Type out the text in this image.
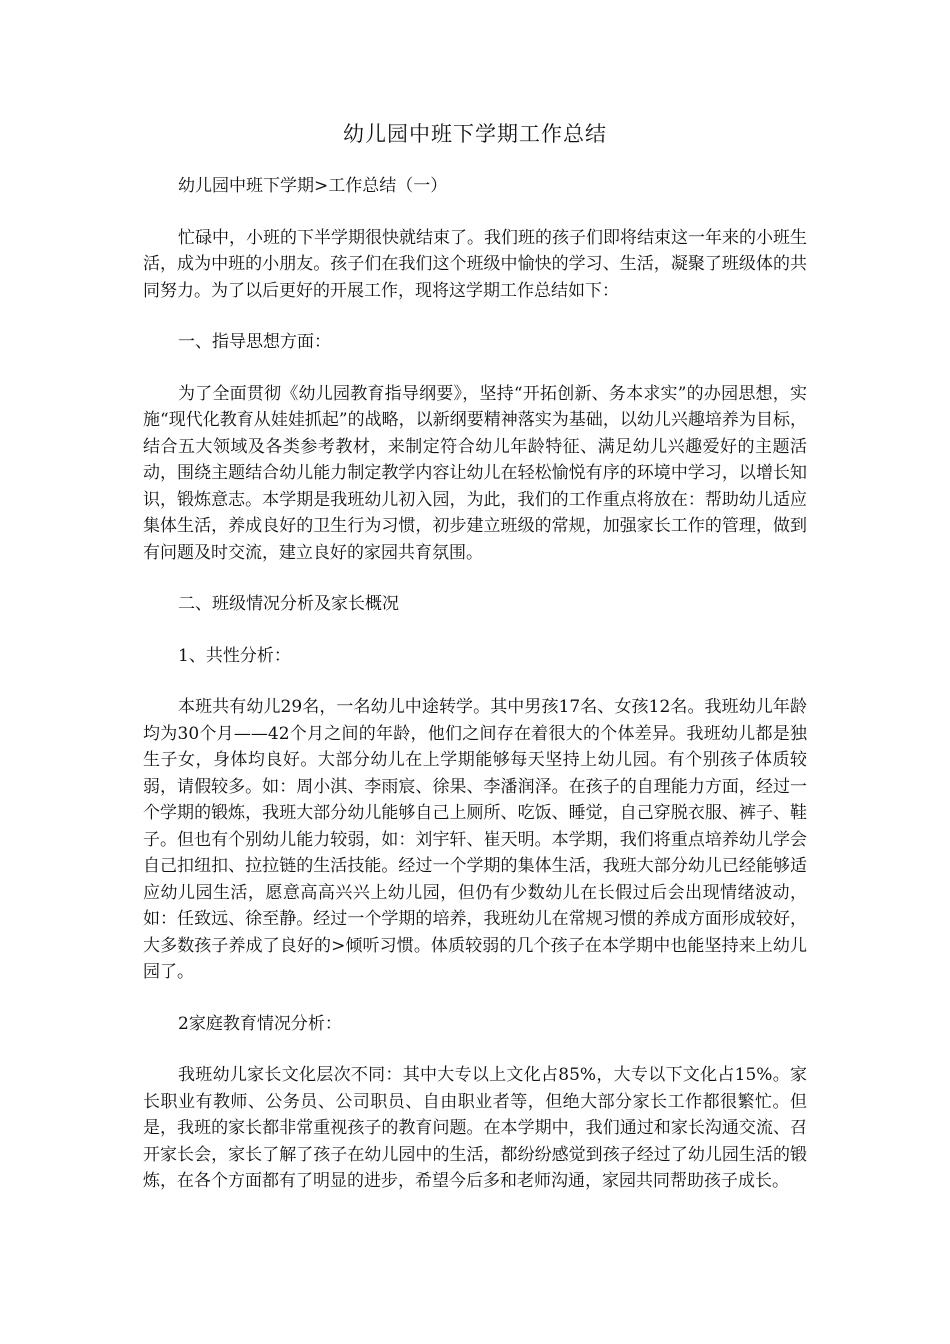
幼儿园中班下学期工作总结

幼儿园中班下学期>工作总结（一）

忙碌中，小班的下半学期很快就结束了。我们班的孩子们即将结束这一年来的小班生活，成为中班的小朋友。孩子们在我们这个班级中愉快的学习、生活，凝聚了班级体的共同努力。为了以后更好的开展工作，现将这学期工作总结如下：

一、指导思想方面：

为了全面贯彻《幼儿园教育指导纲要》，坚持“开拓创新、务本求实”的办园思想，实施“现代化教育从娃娃抓起”的战略，以新纲要精神落实为基础，以幼儿兴趣培养为目标，结合五大领域及各类参考教材，来制定符合幼儿年龄特征、满足幼儿兴趣爱好的主题活动，围绕主题结合幼儿能力制定教学内容让幼儿在轻松愉悦有序的环境中学习，以增长知识，锻炼意志。本学期是我班幼儿初入园，为此，我们的工作重点将放在：帮助幼儿适应集体生活，养成良好的卫生行为习惯，初步建立班级的常规，加强家长工作的管理，做到有问题及时交流，建立良好的家园共育氛围。

二、班级情况分析及家长概况

1、共性分析：

本班共有幼儿29名，一名幼儿中途转学。其中男孩17名、女孩12名。我班幼儿年龄均为30个月——42个月之间的年龄，他们之间存在着很大的个体差异。我班幼儿都是独生子女，身体均良好。大部分幼儿在上学期能够每天坚持上幼儿园。有个别孩子体质较弱，请假较多。如：周小淇、李雨宸、徐果、李潘润泽。在孩子的自理能力方面，经过一个学期的锻炼，我班大部分幼儿能够自己上厕所、吃饭、睡觉，自己穿脱衣服、裤子、鞋子。但也有个别幼儿能力较弱，如：刘宇轩、崔天明。本学期，我们将重点培养幼儿学会自己扣纽扣、拉拉链的生活技能。经过一个学期的集体生活，我班大部分幼儿已经能够适应幼儿园生活，愿意高高兴兴上幼儿园，但仍有少数幼儿在长假过后会出现情绪波动，如：任致远、徐至静。经过一个学期的培养，我班幼儿在常规习惯的养成方面形成较好，大多数孩子养成了良好的>倾听习惯。体质较弱的几个孩子在本学期中也能坚持来上幼儿园了。

2家庭教育情况分析：

我班幼儿家长文化层次不同：其中大专以上文化占85%，大专以下文化占15%。家长职业有教师、公务员、公司职员、自由职业者等，但绝大部分家长工作都很繁忙。但是，我班的家长都非常重视孩子的教育问题。在本学期中，我们通过和家长沟通交流、召开家长会，家长了解了孩子在幼儿园中的生活，都纷纷感觉到孩子经过了幼儿园生活的锻炼，在各个方面都有了明显的进步，希望今后多和老师沟通，家园共同帮助孩子成长。
